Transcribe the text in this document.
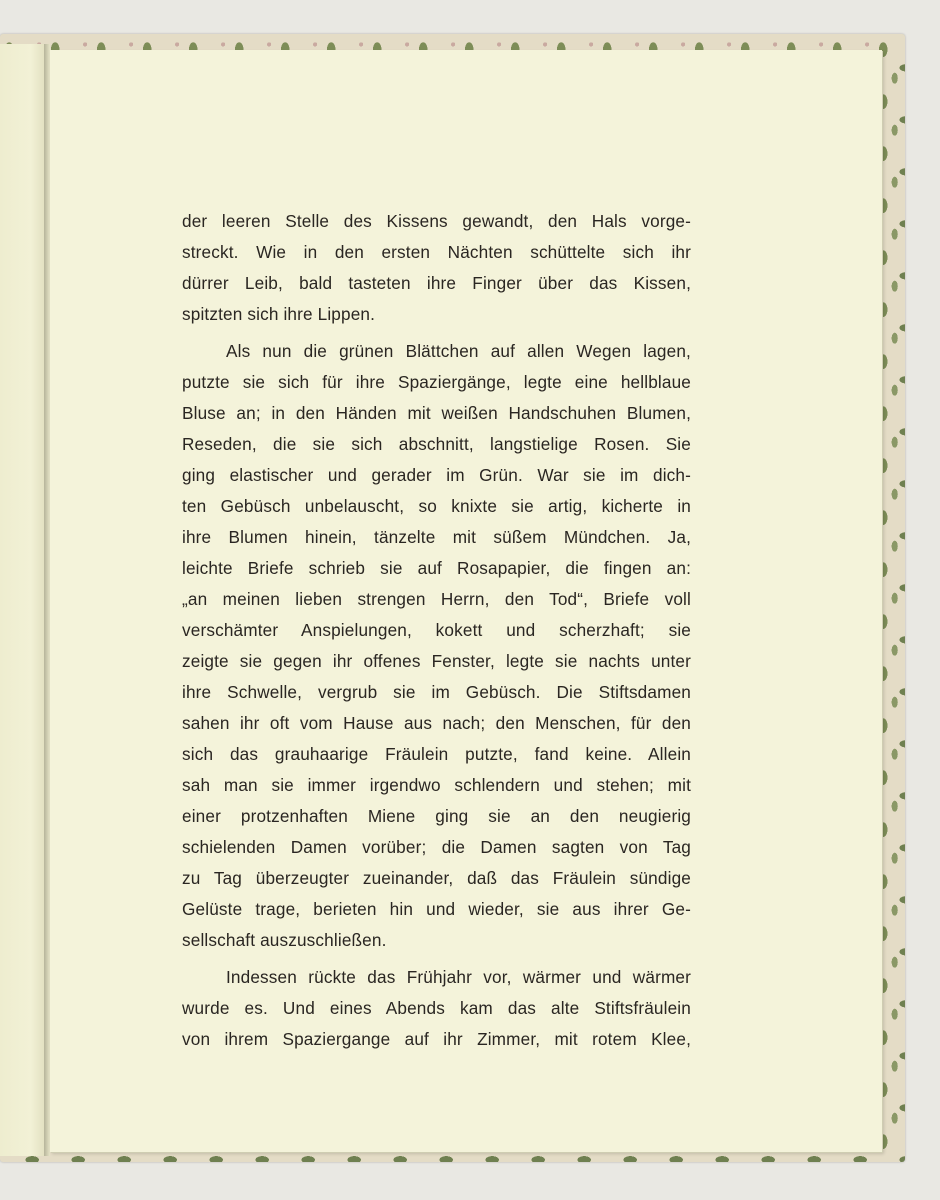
der leeren Stelle des Kissens gewandt, den Hals vorge-
streckt. Wie in den ersten Nächten schüttelte sich ihr
dürrer Leib, bald tasteten ihre Finger über das Kissen,
spitzten sich ihre Lippen.
Als nun die grünen Blättchen auf allen Wegen lagen,
putzte sie sich für ihre Spaziergänge, legte eine hellblaue
Bluse an; in den Händen mit weißen Handschuhen Blumen,
Reseden, die sie sich abschnitt, langstielige Rosen. Sie
ging elastischer und gerader im Grün. War sie im dich-
ten Gebüsch unbelauscht, so knixte sie artig, kicherte in
ihre Blumen hinein, tänzelte mit süßem Mündchen. Ja,
leichte Briefe schrieb sie auf Rosapapier, die fingen an:
„an meinen lieben strengen Herrn, den Tod“, Briefe voll
verschämter Anspielungen, kokett und scherzhaft; sie
zeigte sie gegen ihr offenes Fenster, legte sie nachts unter
ihre Schwelle, vergrub sie im Gebüsch. Die Stiftsdamen
sahen ihr oft vom Hause aus nach; den Menschen, für den
sich das grauhaarige Fräulein putzte, fand keine. Allein
sah man sie immer irgendwo schlendern und stehen; mit
einer protzenhaften Miene ging sie an den neugierig
schielenden Damen vorüber; die Damen sagten von Tag
zu Tag überzeugter zueinander, daß das Fräulein sündige
Gelüste trage, berieten hin und wieder, sie aus ihrer Ge-
sellschaft auszuschließen.
Indessen rückte das Frühjahr vor, wärmer und wärmer
wurde es. Und eines Abends kam das alte Stiftsfräulein
von ihrem Spaziergange auf ihr Zimmer, mit rotem Klee,
